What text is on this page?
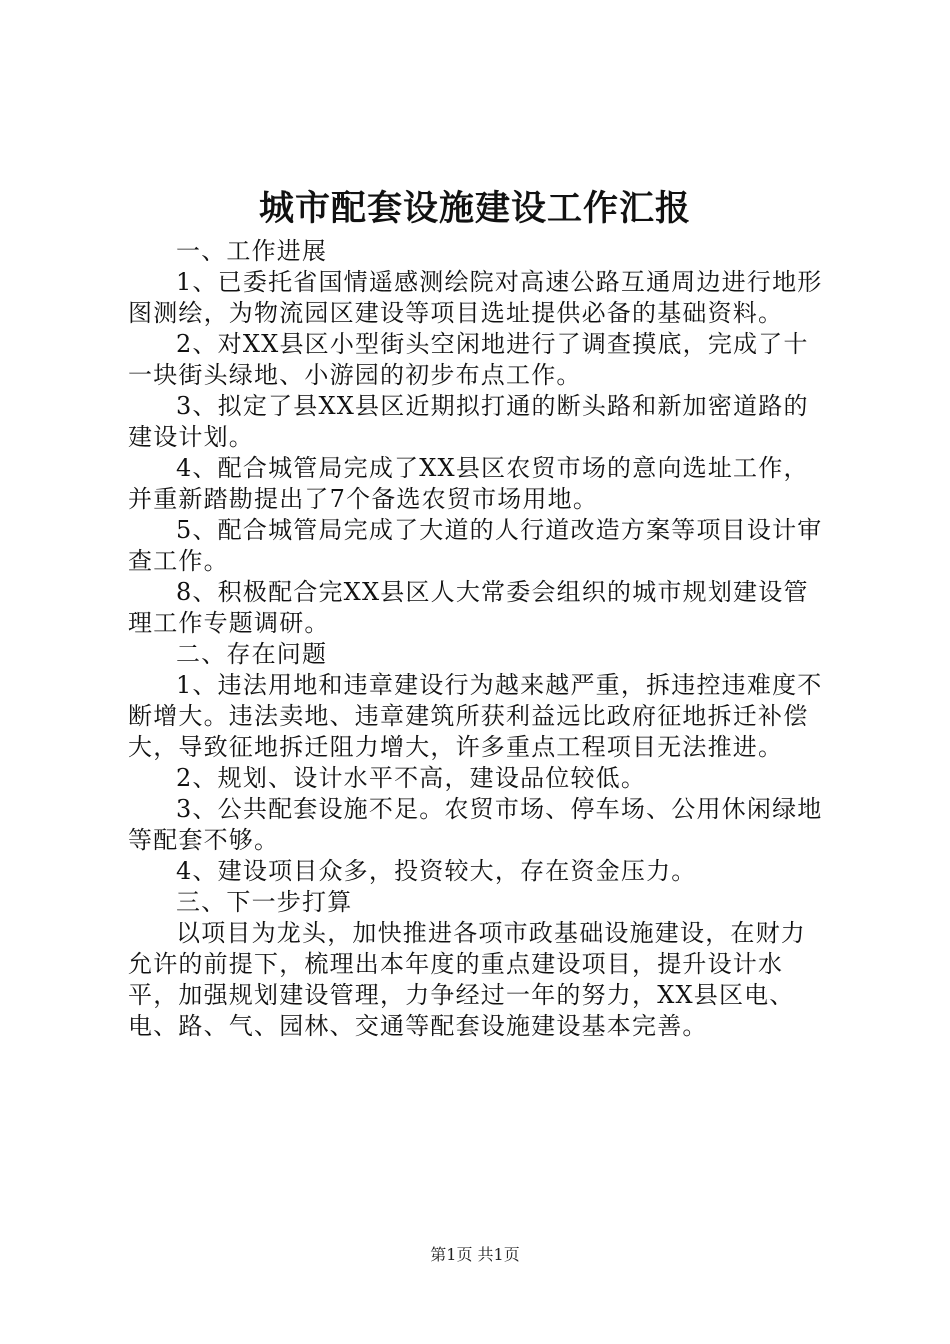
城市配套设施建设工作汇报

一、工作进展

1、已委托省国情遥感测绘院对高速公路互通周边进行地形图测绘，为物流园区建设等项目选址提供必备的基础资料。

2、对XX县区小型街头空闲地进行了调查摸底，完成了十一块街头绿地、小游园的初步布点工作。

3、拟定了县XX县区近期拟打通的断头路和新加密道路的建设计划。

4、配合城管局完成了XX县区农贸市场的意向选址工作，并重新踏勘提出了7个备选农贸市场用地。

5、配合城管局完成了大道的人行道改造方案等项目设计审查工作。

8、积极配合完XX县区人大常委会组织的城市规划建设管理工作专题调研。

二、存在问题

1、违法用地和违章建设行为越来越严重，拆违控违难度不断增大。违法卖地、违章建筑所获利益远比政府征地拆迁补偿大，导致征地拆迁阻力增大，许多重点工程项目无法推进。

2、规划、设计水平不高，建设品位较低。

3、公共配套设施不足。农贸市场、停车场、公用休闲绿地等配套不够。

4、建设项目众多，投资较大，存在资金压力。

三、下一步打算

以项目为龙头，加快推进各项市政基础设施建设，在财力允许的前提下，梳理出本年度的重点建设项目，提升设计水平，加强规划建设管理，力争经过一年的努力，XX县区电、电、路、气、园林、交通等配套设施建设基本完善。

第1页 共1页
